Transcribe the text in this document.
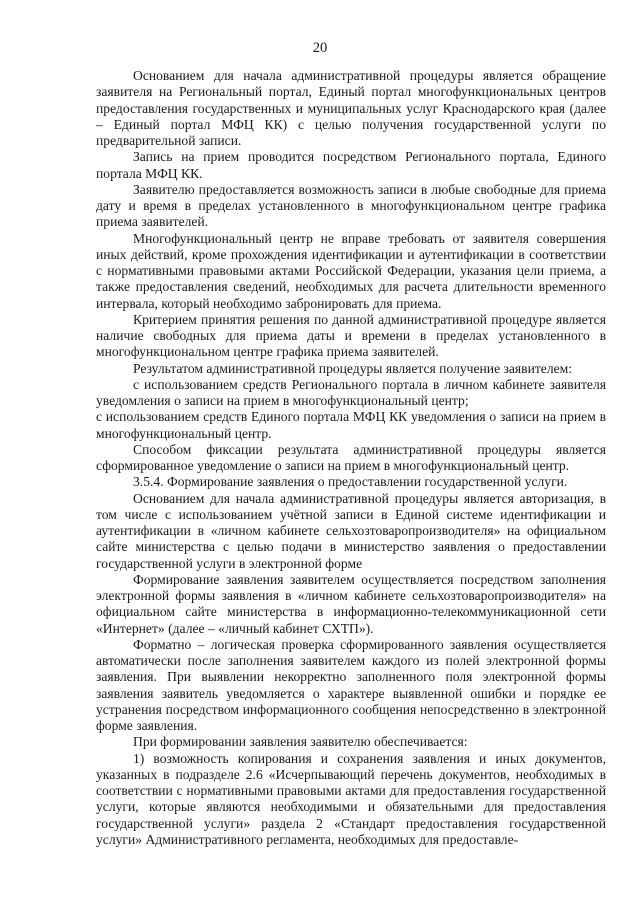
20

Основанием для начала административной процедуры является обращение заявителя на Региональный портал, Единый портал многофункциональных центров предоставления государственных и муниципальных услуг Краснодарского края (далее – Единый портал МФЦ КК) с целью получения государственной услуги по предварительной записи.

Запись на прием проводится посредством Регионального портала, Единого портала МФЦ КК.

Заявителю предоставляется возможность записи в любые свободные для приема дату и время в пределах установленного в многофункциональном центре графика приема заявителей.

Многофункциональный центр не вправе требовать от заявителя совершения иных действий, кроме прохождения идентификации и аутентификации в соответствии с нормативными правовыми актами Российской Федерации, указания цели приема, а также предоставления сведений, необходимых для расчета длительности временного интервала, который необходимо забронировать для приема.

Критерием принятия решения по данной административной процедуре является наличие свободных для приема даты и времени в пределах установленного в многофункциональном центре графика приема заявителей.

Результатом административной процедуры является получение заявителем:

с использованием средств Регионального портала в личном кабинете заявителя уведомления о записи на прием в многофункциональный центр;

с использованием средств Единого портала МФЦ КК уведомления о записи на прием в многофункциональный центр.

Способом фиксации результата административной процедуры является сформированное уведомление о записи на прием в многофункциональный центр.

3.5.4. Формирование заявления о предоставлении государственной услуги.

Основанием для начала административной процедуры является авторизация, в том числе с использованием учётной записи в Единой системе идентификации и аутентификации в «личном кабинете сельхозтоваропроизводителя» на официальном сайте министерства с целью подачи в министерство заявления о предоставлении государственной услуги в электронной форме

Формирование заявления заявителем осуществляется посредством заполнения электронной формы заявления в «личном кабинете сельхозтоваропроизводителя» на официальном сайте министерства в информационно-телекоммуникационной сети «Интернет» (далее – «личный кабинет СХТП»).

Форматно – логическая проверка сформированного заявления осуществляется автоматически после заполнения заявителем каждого из полей электронной формы заявления. При выявлении некорректно заполненного поля электронной формы заявления заявитель уведомляется о характере выявленной ошибки и порядке ее устранения посредством информационного сообщения непосредственно в электронной форме заявления.

При формировании заявления заявителю обеспечивается:

1) возможность копирования и сохранения заявления и иных документов, указанных в подразделе 2.6 «Исчерпывающий перечень документов, необходимых в соответствии с нормативными правовыми актами для предоставления государственной услуги, которые являются необходимыми и обязательными для предоставления государственной услуги» раздела 2 «Стандарт предоставления государственной услуги» Административного регламента, необходимых для предоставле-
